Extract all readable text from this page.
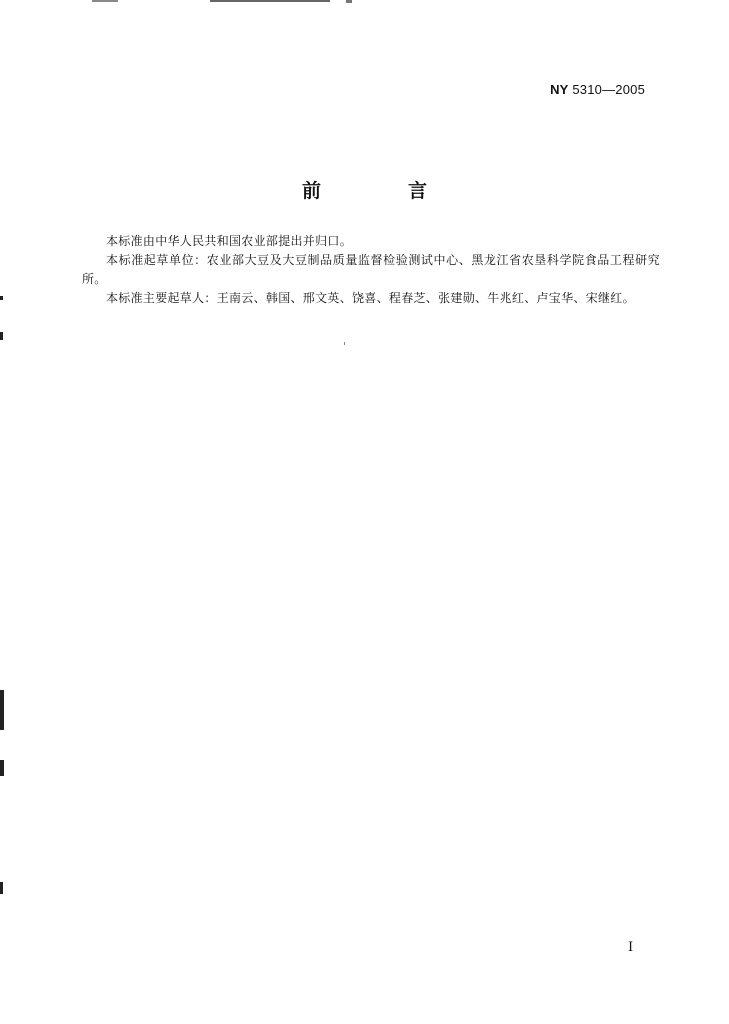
NY 5310—2005
前　言

本标准由中华人民共和国农业部提出并归口。

本标准起草单位：农业部大豆及大豆制品质量监督检验测试中心、黑龙江省农垦科学院食品工程研究所。

本标准主要起草人：王南云、韩国、邢文英、饶喜、程春芝、张建勋、牛兆红、卢宝华、宋继红。

I
